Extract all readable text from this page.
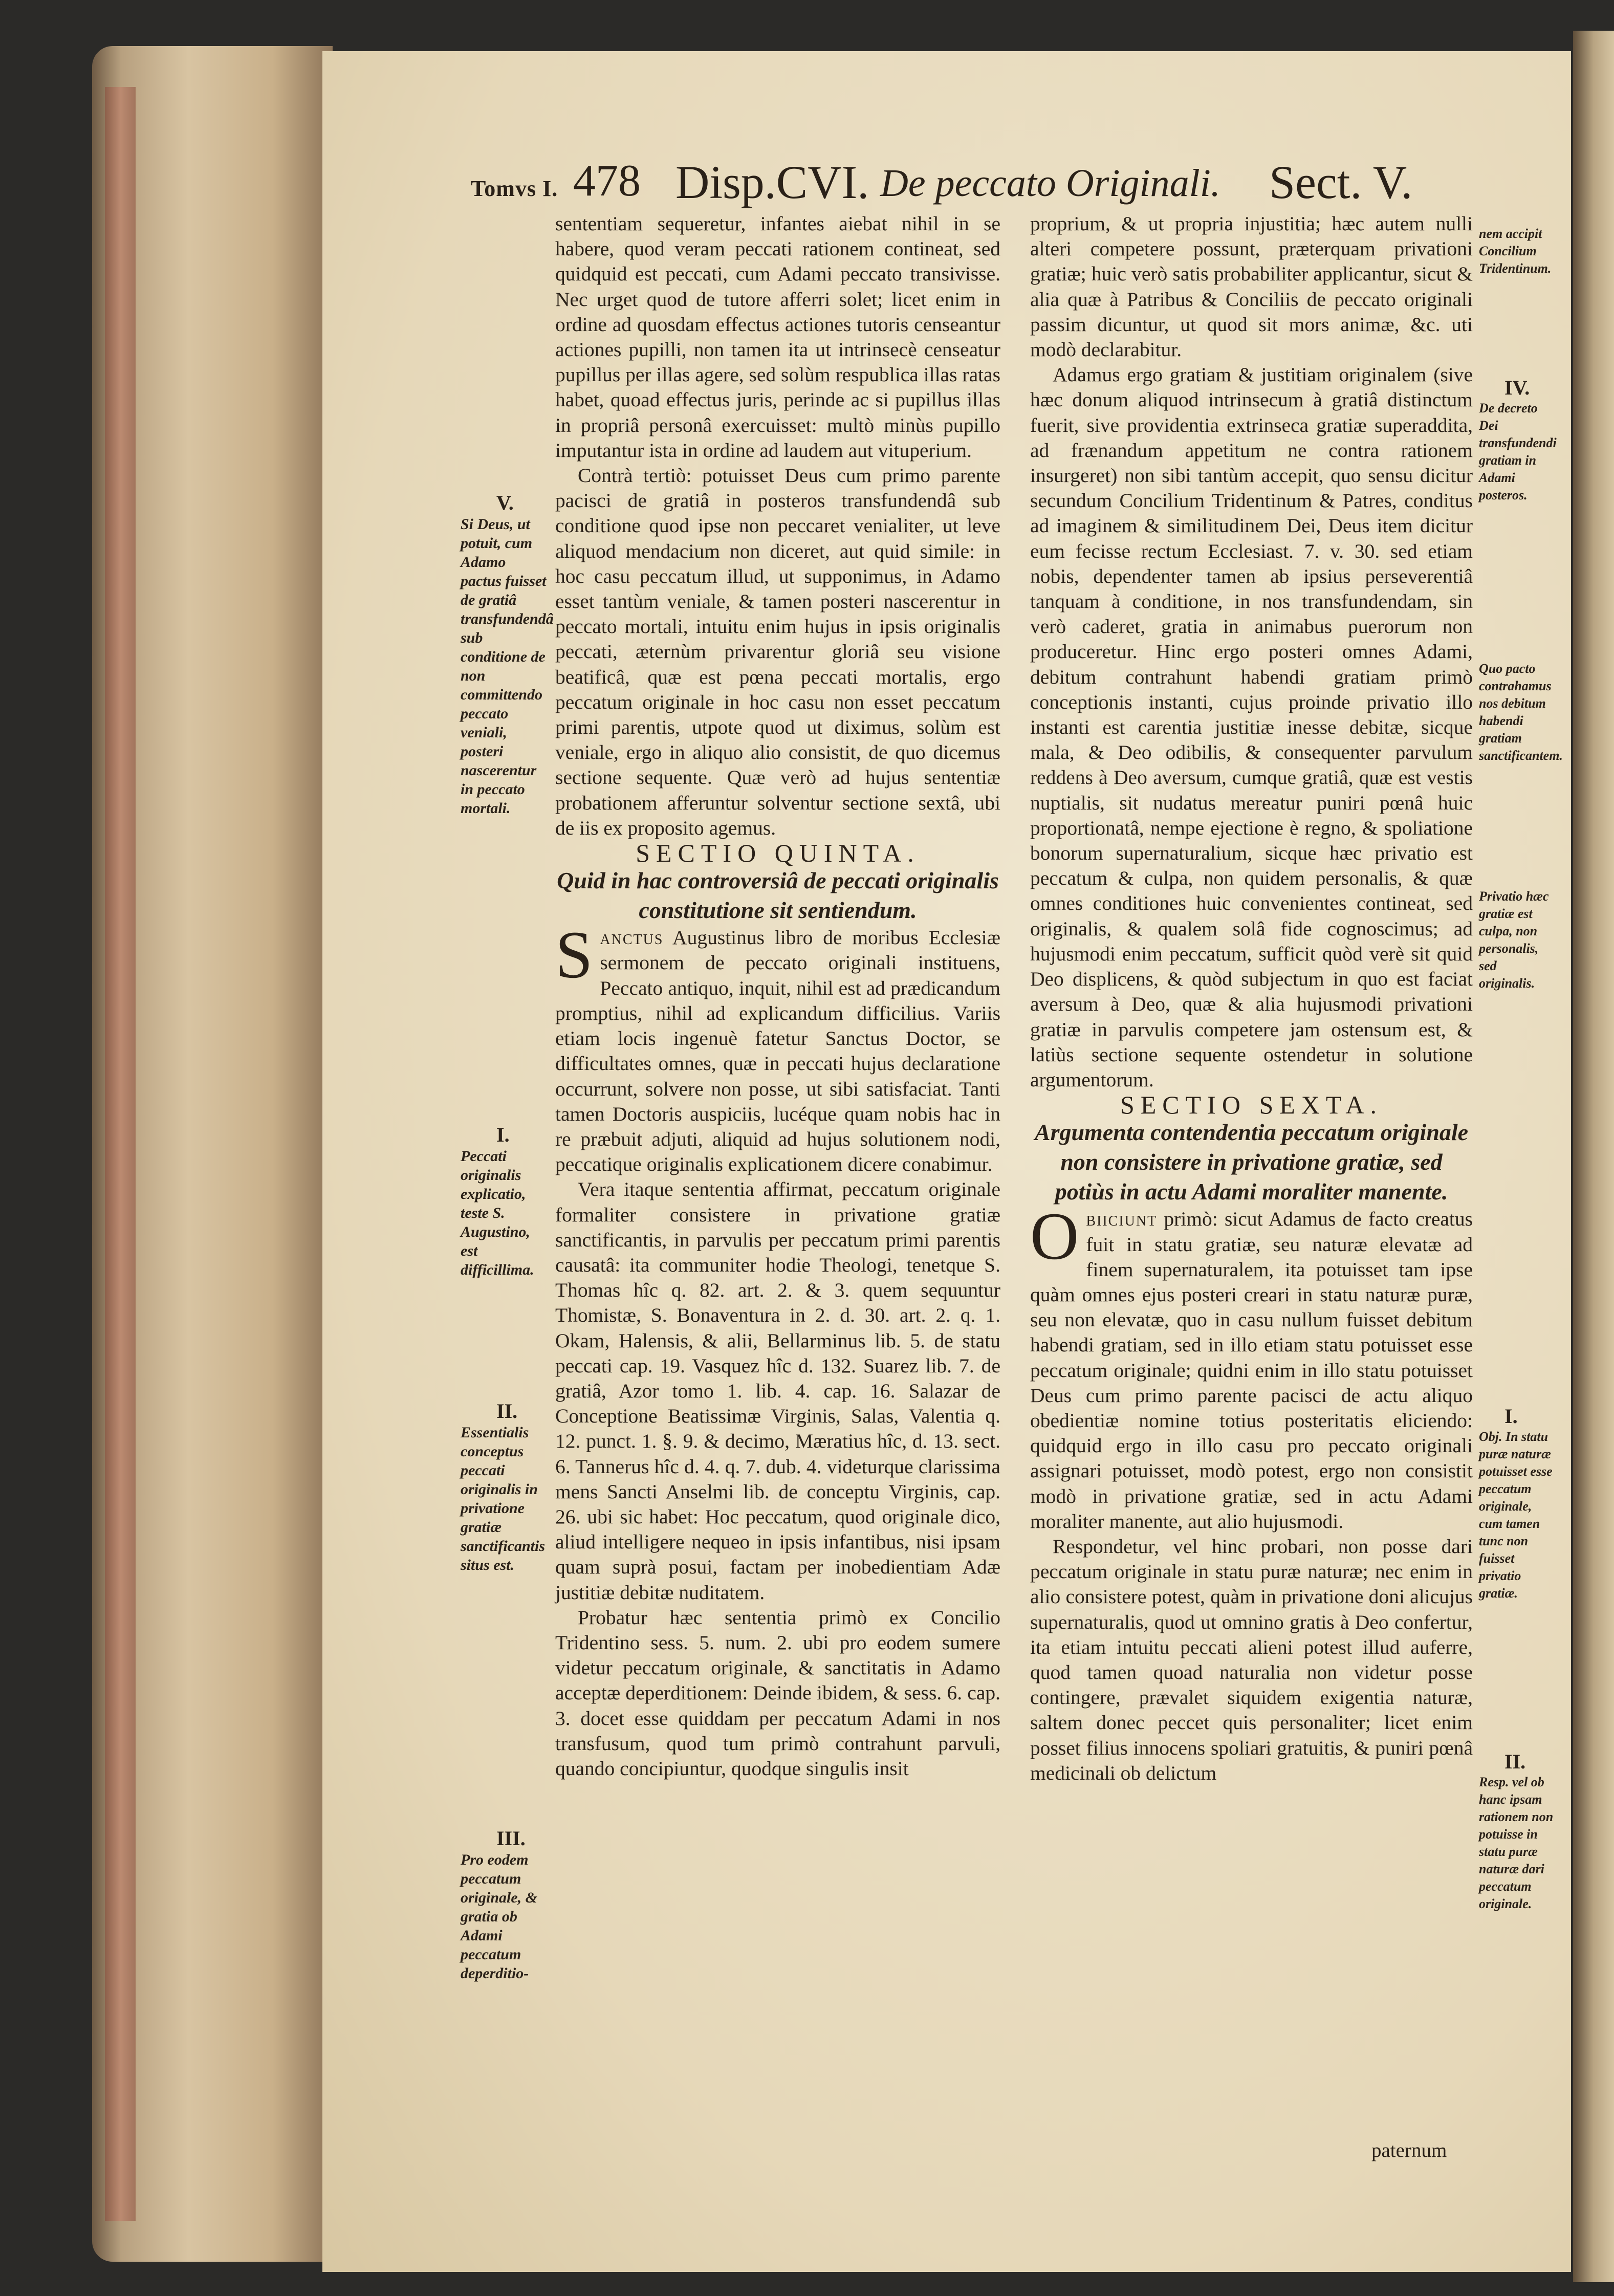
Tomvs I. 478 Disp.CVI. De peccato Originali. Sect. V.
V.
Si Deus, ut potuit, cum Adamo pactus fuisset de gratiâ transfundendâ sub conditione de non committendo peccato veniali, posteri nascerentur in peccato mortali.
I.
Peccati originalis explicatio, teste S. Augustino, est difficillima.
II.
Essentialis conceptus peccati originalis in privatione gratiæ sanctificantis situs est.
III.
Pro eodem peccatum originale, & gratia ob Adami peccatum deperditio-
nem accipit Concilium Tridentinum.
IV.
De decreto Dei transfundendi gratiam in Adami posteros.
Quo pacto contrahamus nos debitum habendi gratiam sanctificantem.
Privatio hæc gratiæ est culpa, non personalis, sed originalis.
I.
Obj. In statu puræ naturæ potuisset esse peccatum originale, cum tamen tunc non fuisset privatio gratiæ.
II.
Resp. vel ob hanc ipsam rationem non potuisse in statu puræ naturæ dari peccatum originale.

sententiam sequeretur, infantes aiebat nihil in se habere, quod veram peccati rationem contineat, sed quidquid est peccati, cum Adami peccato transivisse. Nec urget quod de tutore afferri solet; licet enim in ordine ad quosdam effectus actiones tutoris censeantur actiones pupilli, non tamen ita ut intrinsecè censeatur pupillus per illas agere, sed solùm respublica illas ratas habet, quoad effectus juris, perinde ac si pupillus illas in propriâ personâ exercuisset: multò minùs pupillo imputantur ista in ordine ad laudem aut vituperium.

Contrà tertiò: potuisset Deus cum primo parente pacisci de gratiâ in posteros transfundendâ sub conditione quod ipse non peccaret venialiter, ut leve aliquod mendacium non diceret, aut quid simile: in hoc casu peccatum illud, ut supponimus, in Adamo esset tantùm veniale, & tamen posteri nascerentur in peccato mortali, intuitu enim hujus in ipsis originalis peccati, æternùm privarentur gloriâ seu visione beatificâ, quæ est pœna peccati mortalis, ergo peccatum originale in hoc casu non esset peccatum primi parentis, utpote quod ut diximus, solùm est veniale, ergo in aliquo alio consistit, de quo dicemus sectione sequente. Quæ verò ad hujus sententiæ probationem afferuntur solventur sectione sextâ, ubi de iis ex proposito agemus.

SECTIO QUINTA.

Quid in hac controversiâ de peccati originalis constitutione sit sentiendum.

Sanctus Augustinus libro de moribus Ecclesiæ sermonem de peccato originali instituens, Peccato antiquo, inquit, nihil est ad prædicandum promptius, nihil ad explicandum difficilius. Variis etiam locis ingenuè fatetur Sanctus Doctor, se difficultates omnes, quæ in peccati hujus declaratione occurrunt, solvere non posse, ut sibi satisfaciat. Tanti tamen Doctoris auspiciis, lucéque quam nobis hac in re præbuit adjuti, aliquid ad hujus solutionem nodi, peccatique originalis explicationem dicere conabimur.

Vera itaque sententia affirmat, peccatum originale formaliter consistere in privatione gratiæ sanctificantis, in parvulis per peccatum primi parentis causatâ: ita communiter hodie Theologi, tenetque S. Thomas hîc q. 82. art. 2. & 3. quem sequuntur Thomistæ, S. Bonaventura in 2. d. 30. art. 2. q. 1. Okam, Halensis, & alii, Bellarminus lib. 5. de statu peccati cap. 19. Vasquez hîc d. 132. Suarez lib. 7. de gratiâ, Azor tomo 1. lib. 4. cap. 16. Salazar de Conceptione Beatissimæ Virginis, Salas, Valentia q. 12. punct. 1. §. 9. & decimo, Mæratius hîc, d. 13. sect. 6. Tannerus hîc d. 4. q. 7. dub. 4. videturque clarissima mens Sancti Anselmi lib. de conceptu Virginis, cap. 26. ubi sic habet: Hoc peccatum, quod originale dico, aliud intelligere nequeo in ipsis infantibus, nisi ipsam quam suprà posui, factam per inobedientiam Adæ justitiæ debitæ nuditatem.

Probatur hæc sententia primò ex Concilio Tridentino sess. 5. num. 2. ubi pro eodem sumere videtur peccatum originale, & sanctitatis in Adamo acceptæ deperditionem: Deinde ibidem, & sess. 6. cap. 3. docet esse quiddam per peccatum Adami in nos transfusum, quod tum primò contrahunt parvuli, quando concipiuntur, quodque singulis insit

proprium, & ut propria injustitia; hæc autem nulli alteri competere possunt, præterquam privationi gratiæ; huic verò satis probabiliter applicantur, sicut & alia quæ à Patribus & Conciliis de peccato originali passim dicuntur, ut quod sit mors animæ, &c. uti modò declarabitur.

Adamus ergo gratiam & justitiam originalem (sive hæc donum aliquod intrinsecum à gratiâ distinctum fuerit, sive providentia extrinseca gratiæ superaddita, ad frænandum appetitum ne contra rationem insurgeret) non sibi tantùm accepit, quo sensu dicitur secundum Concilium Tridentinum & Patres, conditus ad imaginem & similitudinem Dei, Deus item dicitur eum fecisse rectum Ecclesiast. 7. v. 30. sed etiam nobis, dependenter tamen ab ipsius perseverentiâ tanquam à conditione, in nos transfundendam, sin verò caderet, gratia in animabus puerorum non produceretur. Hinc ergo posteri omnes Adami, debitum contrahunt habendi gratiam primò conceptionis instanti, cujus proinde privatio illo instanti est carentia justitiæ inesse debitæ, sicque mala, & Deo odibilis, & consequenter parvulum reddens à Deo aversum, cumque gratiâ, quæ est vestis nuptialis, sit nudatus mereatur puniri pœnâ huic proportionatâ, nempe ejectione è regno, & spoliatione bonorum supernaturalium, sicque hæc privatio est peccatum & culpa, non quidem personalis, & quæ omnes conditiones huic convenientes contineat, sed originalis, & qualem solâ fide cognoscimus; ad hujusmodi enim peccatum, sufficit quòd verè sit quid Deo displicens, & quòd subjectum in quo est faciat aversum à Deo, quæ & alia hujusmodi privationi gratiæ in parvulis competere jam ostensum est, & latiùs sectione sequente ostendetur in solutione argumentorum.

SECTIO SEXTA.

Argumenta contendentia peccatum originale non consistere in privatione gratiæ, sed potiùs in actu Adami moraliter manente.

Obiiciunt primò: sicut Adamus de facto creatus fuit in statu gratiæ, seu naturæ elevatæ ad finem supernaturalem, ita potuisset tam ipse quàm omnes ejus posteri creari in statu naturæ puræ, seu non elevatæ, quo in casu nullum fuisset debitum habendi gratiam, sed in illo etiam statu potuisset esse peccatum originale; quidni enim in illo statu potuisset Deus cum primo parente pacisci de actu aliquo obedientiæ nomine totius posteritatis eliciendo: quidquid ergo in illo casu pro peccato originali assignari potuisset, modò potest, ergo non consistit modò in privatione gratiæ, sed in actu Adami moraliter manente, aut alio hujusmodi.

Respondetur, vel hinc probari, non posse dari peccatum originale in statu puræ naturæ; nec enim in alio consistere potest, quàm in privatione doni alicujus supernaturalis, quod ut omnino gratis à Deo confertur, ita etiam intuitu peccati alieni potest illud auferre, quod tamen quoad naturalia non videtur posse contingere, prævalet siquidem exigentia naturæ, saltem donec peccet quis personaliter; licet enim posset filius innocens spoliari gratuitis, & puniri pœnâ medicinali ob delictum

paternum
